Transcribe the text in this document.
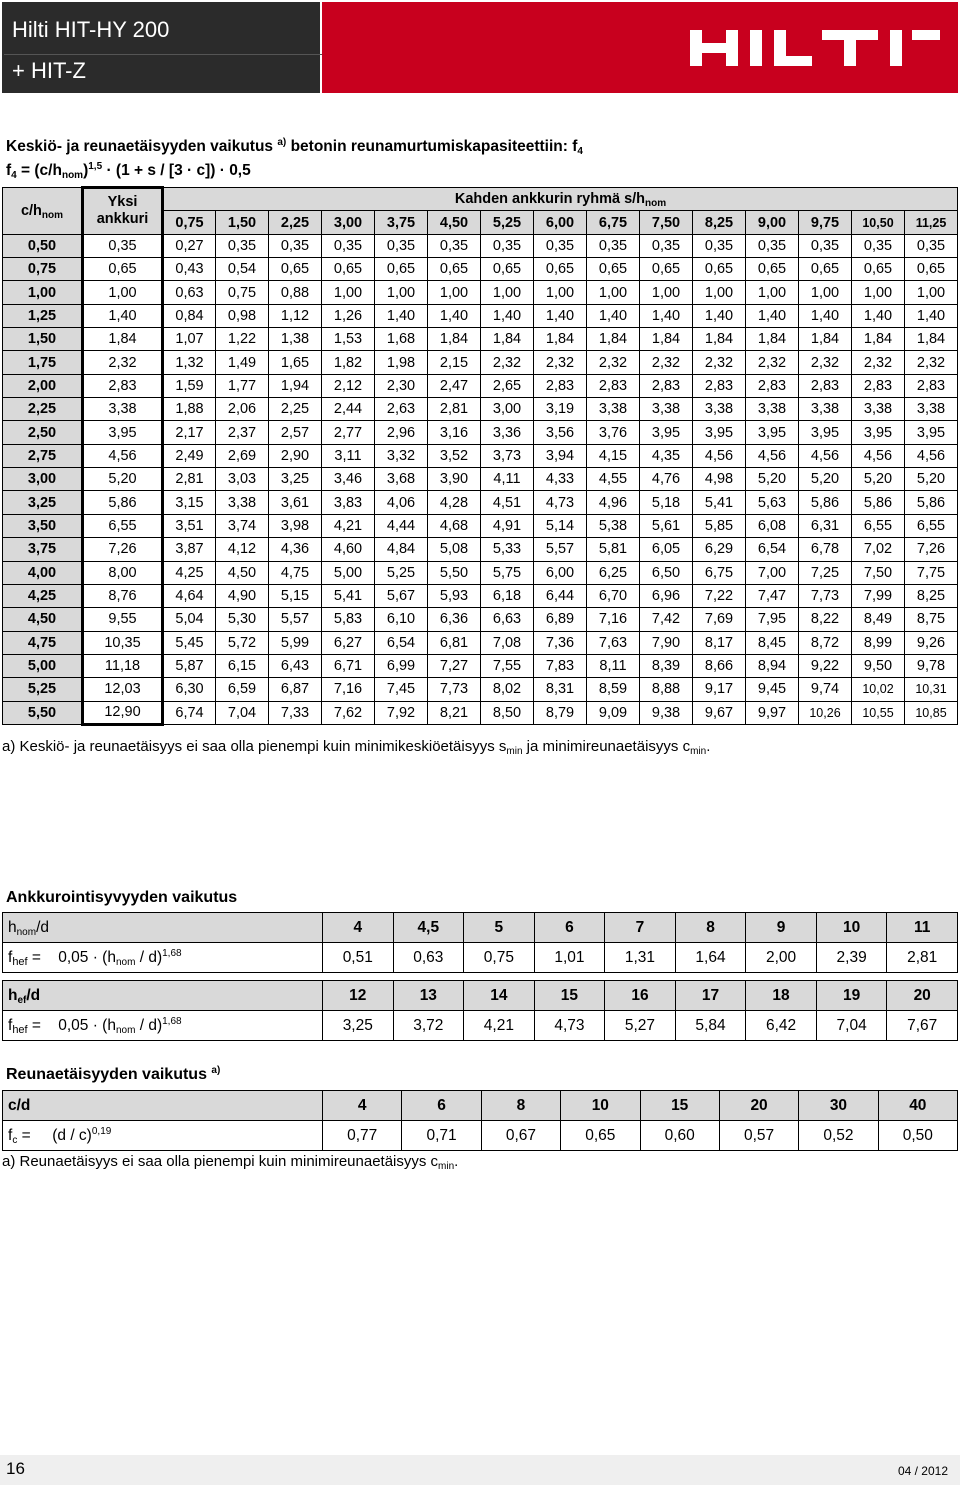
Hilti HIT-HY 200
+ HIT-Z
Keskiö- ja reunaetäisyyden vaikutus $^{a)}$ betonin reunamurtumiskapasiteettiin: $f_4$
$f_4 = (c/h_{nom})^{1,5} \cdot (1 + s / [3 \cdot c]) \cdot 0,5$
$c/h_{nom}$	Yksi
ankkuri	Kahden ankkurin ryhmä $s/h_{nom}$
		0,75	1,50	2,25	3,00	3,75	4,50	5,25	6,00	6,75	7,50	8,25	9,00	9,75	10,50	11,25
0,50	0,35	0,27	0,35	0,35	0,35	0,35	0,35	0,35	0,35	0,35	0,35	0,35	0,35	0,35	0,35	0,35
0,75	0,65	0,43	0,54	0,65	0,65	0,65	0,65	0,65	0,65	0,65	0,65	0,65	0,65	0,65	0,65	0,65
1,00	1,00	0,63	0,75	0,88	1,00	1,00	1,00	1,00	1,00	1,00	1,00	1,00	1,00	1,00	1,00	1,00
1,25	1,40	0,84	0,98	1,12	1,26	1,40	1,40	1,40	1,40	1,40	1,40	1,40	1,40	1,40	1,40	1,40
1,50	1,84	1,07	1,22	1,38	1,53	1,68	1,84	1,84	1,84	1,84	1,84	1,84	1,84	1,84	1,84	1,84
1,75	2,32	1,32	1,49	1,65	1,82	1,98	2,15	2,32	2,32	2,32	2,32	2,32	2,32	2,32	2,32	2,32
2,00	2,83	1,59	1,77	1,94	2,12	2,30	2,47	2,65	2,83	2,83	2,83	2,83	2,83	2,83	2,83	2,83
2,25	3,38	1,88	2,06	2,25	2,44	2,63	2,81	3,00	3,19	3,38	3,38	3,38	3,38	3,38	3,38	3,38
2,50	3,95	2,17	2,37	2,57	2,77	2,96	3,16	3,36	3,56	3,76	3,95	3,95	3,95	3,95	3,95	3,95
2,75	4,56	2,49	2,69	2,90	3,11	3,32	3,52	3,73	3,94	4,15	4,35	4,56	4,56	4,56	4,56	4,56
3,00	5,20	2,81	3,03	3,25	3,46	3,68	3,90	4,11	4,33	4,55	4,76	4,98	5,20	5,20	5,20	5,20
3,25	5,86	3,15	3,38	3,61	3,83	4,06	4,28	4,51	4,73	4,96	5,18	5,41	5,63	5,86	5,86	5,86
3,50	6,55	3,51	3,74	3,98	4,21	4,44	4,68	4,91	5,14	5,38	5,61	5,85	6,08	6,31	6,55	6,55
3,75	7,26	3,87	4,12	4,36	4,60	4,84	5,08	5,33	5,57	5,81	6,05	6,29	6,54	6,78	7,02	7,26
4,00	8,00	4,25	4,50	4,75	5,00	5,25	5,50	5,75	6,00	6,25	6,50	6,75	7,00	7,25	7,50	7,75
4,25	8,76	4,64	4,90	5,15	5,41	5,67	5,93	6,18	6,44	6,70	6,96	7,22	7,47	7,73	7,99	8,25
4,50	9,55	5,04	5,30	5,57	5,83	6,10	6,36	6,63	6,89	7,16	7,42	7,69	7,95	8,22	8,49	8,75
4,75	10,35	5,45	5,72	5,99	6,27	6,54	6,81	7,08	7,36	7,63	7,90	8,17	8,45	8,72	8,99	9,26
5,00	11,18	5,87	6,15	6,43	6,71	6,99	7,27	7,55	7,83	8,11	8,39	8,66	8,94	9,22	9,50	9,78
5,25	12,03	6,30	6,59	6,87	7,16	7,45	7,73	8,02	8,31	8,59	8,88	9,17	9,45	9,74	10,02	10,31
5,50	12,90	6,74	7,04	7,33	7,62	7,92	8,21	8,50	8,79	9,09	9,38	9,67	9,97	10,26	10,55	10,85
a) Keskiö- ja reunaetäisyys ei saa olla pienempi kuin minimikeskiöetäisyys $s_{min}$ ja minimireunaetäisyys $c_{min}$.
Ankkurointisyvyyden vaikutus
$h_{nom}/d$	4	4,5	5	6	7	8	9	10	11
$f_{hef} = 0,05 \cdot (h_{nom} / d)^{1,68}$	0,51	0,63	0,75	1,01	1,31	1,64	2,00	2,39	2,81

$h_{ef}/d$	12	13	14	15	16	17	18	19	20
$f_{hef} = 0,05 \cdot (h_{nom} / d)^{1,68}$	3,25	3,72	4,21	4,73	5,27	5,84	6,42	7,04	7,67
Reunaetäisyyden vaikutus $^{a)}$
c/d	4	6	8	10	15	20	30	40
$f_c = (d / c)^{0,19}$	0,77	0,71	0,67	0,65	0,60	0,57	0,52	0,50
a) Reunaetäisyys ei saa olla pienempi kuin minimireunaetäisyys $c_{min}$.
16	04 / 2012
